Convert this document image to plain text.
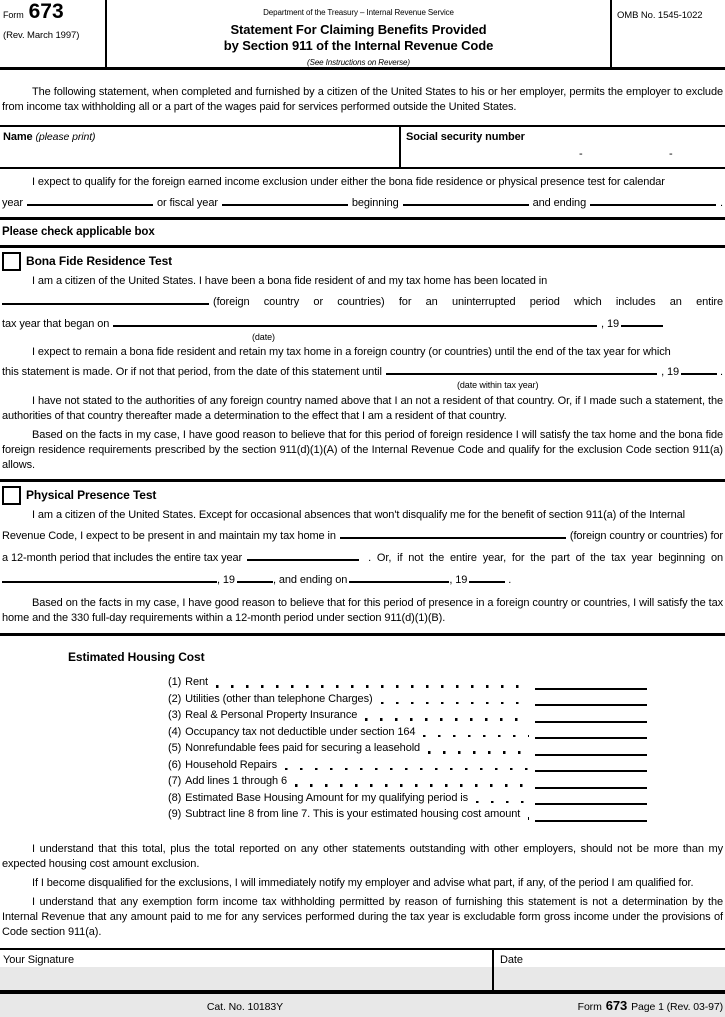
Form 673
(Rev. March 1997)
Department of the Treasury – Internal Revenue Service
Statement For Claiming Benefits Provided
by Section 911 of the Internal Revenue Code
(See Instructions on Reverse)
OMB No. 1545-1022
The following statement, when completed and furnished by a citizen of the United States to his or her employer, permits the employer to exclude from income tax withholding all or a part of the wages paid for services performed outside the United States.
Name (please print)	Social security number
-	-
I expect to qualify for the foreign earned income exclusion under either the bona fide residence or physical presence test for calendar
year	or fiscal year	beginning	and ending	.
Please check applicable box
Bona Fide Residence Test
I am a citizen of the United States. I have been a bona fide resident of and my tax home has been located in
(foreign country or countries) for an uninterrupted period which includes an entire
tax year that began on	, 19
(date)
I expect to remain a bona fide resident and retain my tax home in a foreign country (or countries) until the end of the tax year for which
this statement is made. Or if not that period, from the date of this statement until	, 19	.
(date within tax year)
I have not stated to the authorities of any foreign country named above that I an not a resident of that country. Or, if I made such a statement, the authorities of that country thereafter made a determination to the effect that I am a resident of that country.
Based on the facts in my case, I have good reason to believe that for this period of foreign residence I will satisfy the tax home and the bona fide foreign residence requirements prescribed by the section 911(d)(1)(A) of the Internal Revenue Code and qualify for the exclusion Code section 911(a) allows.
Physical Presence Test
I am a citizen of the United States. Except for occasional absences that won't disqualify me for the benefit of section 911(a) of the Internal
Revenue Code, I expect to be present in and maintain my tax home in	(foreign country or countries) for
a 12-month period that includes the entire tax year	. Or, if not the entire year, for the part of the tax year beginning on
, 19	, and ending on	, 19	.
Based on the facts in my case, I have good reason to believe that for this period of presence in a foreign country or countries, I will satisfy the tax home and the 330 full-day requirements within a 12-month period under section 911(d)(1)(B).
Estimated Housing Cost
(1) Rent
(2) Utilities (other than telephone Charges)
(3) Real & Personal Property Insurance
(4) Occupancy tax not deductible under section 164
(5) Nonrefundable fees paid for securing a leasehold
(6) Household Repairs
(7) Add lines 1 through 6
(8) Estimated Base Housing Amount for my qualifying period is
(9) Subtract line 8 from line 7. This is your estimated housing cost amount
I understand that this total, plus the total reported on any other statements outstanding with other employers, should not be more than my expected housing cost amount exclusion.
If I become disqualified for the exclusions, I will immediately notify my employer and advise what part, if any, of the period I am qualified for.
I understand that any exemption form income tax withholding permitted by reason of furnishing this statement is not a determination by the Internal Revenue that any amount paid to me for any services performed during the tax year is excludable form gross income under the provisions of Code section 911(a).
Your Signature	Date
Cat. No. 10183Y	Form 673 Page 1 (Rev. 03-97)
